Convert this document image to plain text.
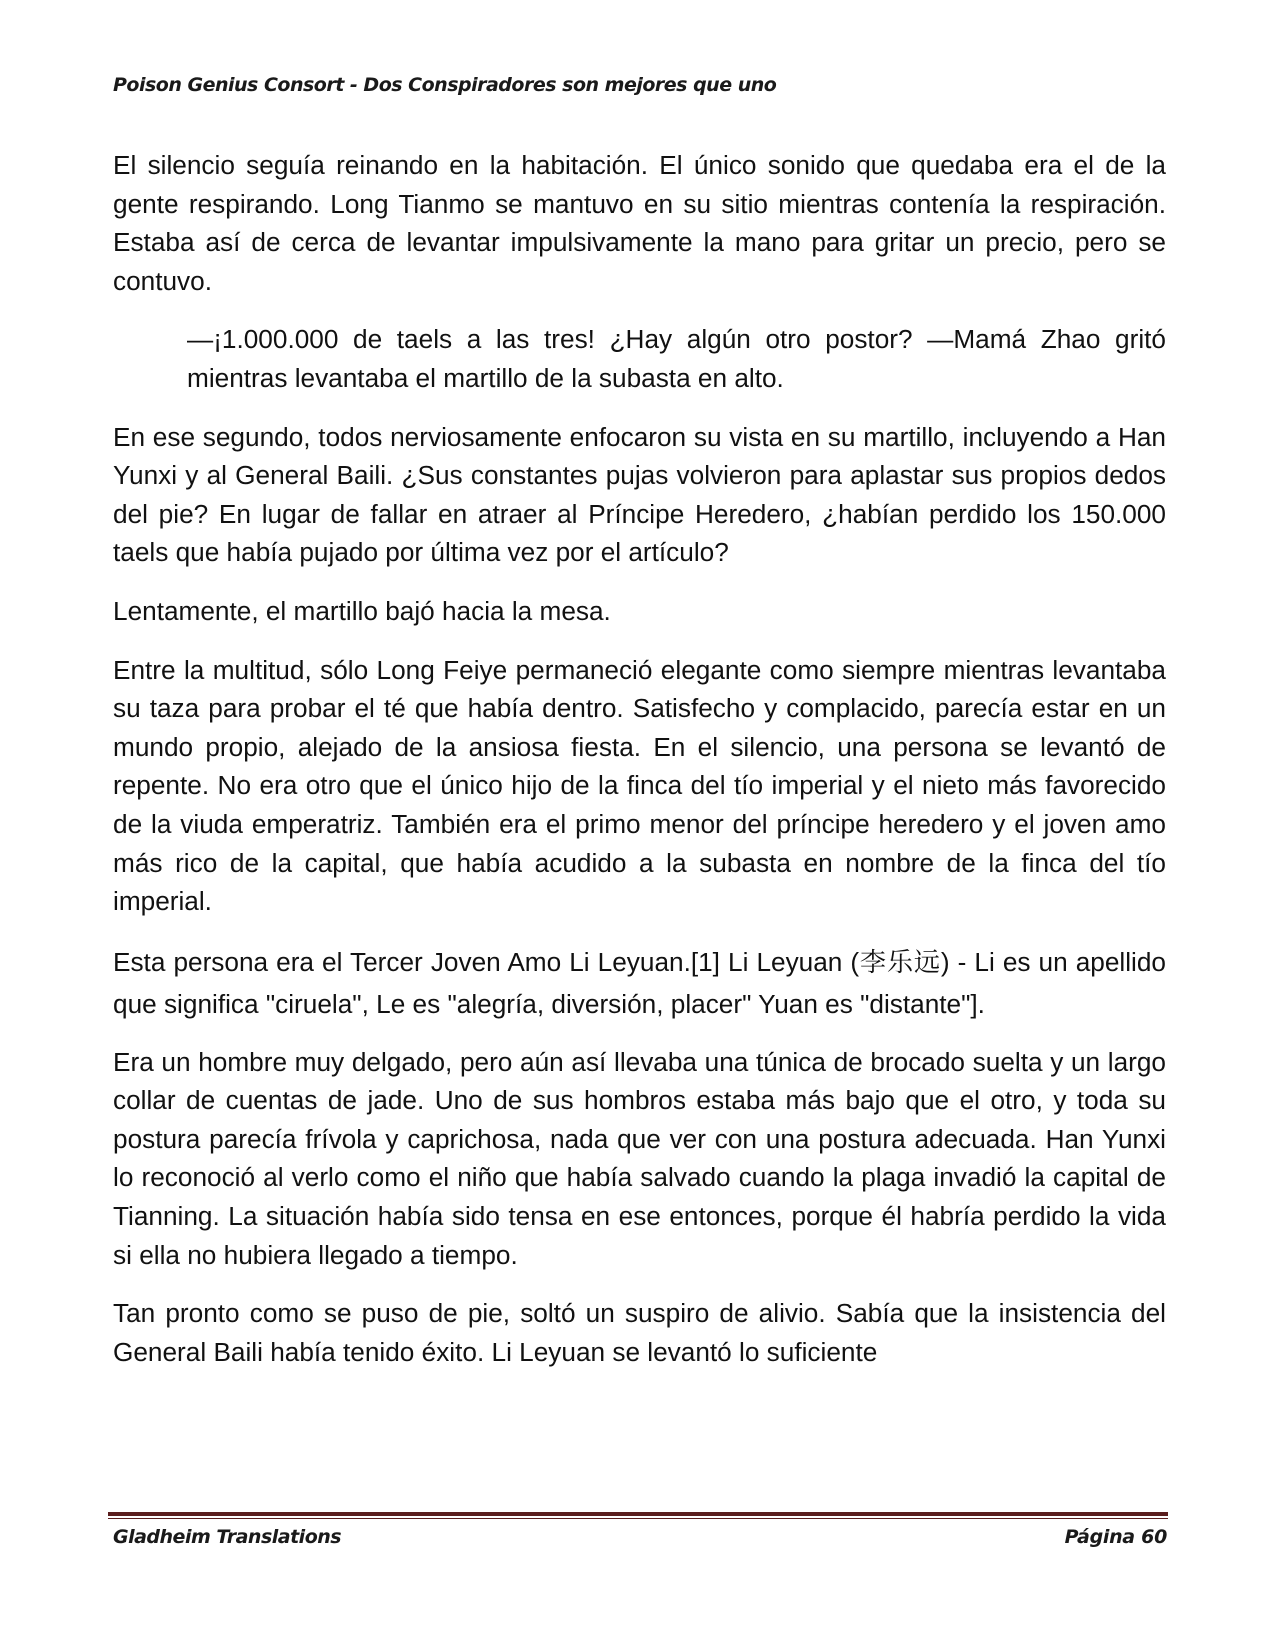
Poison Genius Consort - Dos Conspiradores son mejores que uno

El silencio seguía reinando en la habitación. El único sonido que quedaba era el de la gente respirando. Long Tianmo se mantuvo en su sitio mientras contenía la respiración. Estaba así de cerca de levantar impulsivamente la mano para gritar un precio, pero se contuvo.

—¡1.000.000 de taels a las tres! ¿Hay algún otro postor? —Mamá Zhao gritó mientras levantaba el martillo de la subasta en alto.

En ese segundo, todos nerviosamente enfocaron su vista en su martillo, incluyendo a Han Yunxi y al General Baili. ¿Sus constantes pujas volvieron para aplastar sus propios dedos del pie? En lugar de fallar en atraer al Príncipe Heredero, ¿habían perdido los 150.000 taels que había pujado por última vez por el artículo?

Lentamente, el martillo bajó hacia la mesa.

Entre la multitud, sólo Long Feiye permaneció elegante como siempre mientras levantaba su taza para probar el té que había dentro. Satisfecho y complacido, parecía estar en un mundo propio, alejado de la ansiosa fiesta. En el silencio, una persona se levantó de repente. No era otro que el único hijo de la finca del tío imperial y el nieto más favorecido de la viuda emperatriz. También era el primo menor del príncipe heredero y el joven amo más rico de la capital, que había acudido a la subasta en nombre de la finca del tío imperial.

Esta persona era el Tercer Joven Amo Li Leyuan.[1] Li Leyuan (李乐远) - Li es un apellido que significa "ciruela", Le es "alegría, diversión, placer" Yuan es "distante"].

Era un hombre muy delgado, pero aún así llevaba una túnica de brocado suelta y un largo collar de cuentas de jade. Uno de sus hombros estaba más bajo que el otro, y toda su postura parecía frívola y caprichosa, nada que ver con una postura adecuada. Han Yunxi lo reconoció al verlo como el niño que había salvado cuando la plaga invadió la capital de Tianning. La situación había sido tensa en ese entonces, porque él habría perdido la vida si ella no hubiera llegado a tiempo.

Tan pronto como se puso de pie, soltó un suspiro de alivio. Sabía que la insistencia del General Baili había tenido éxito. Li Leyuan se levantó lo suficiente

Gladheim Translations	Página 60
